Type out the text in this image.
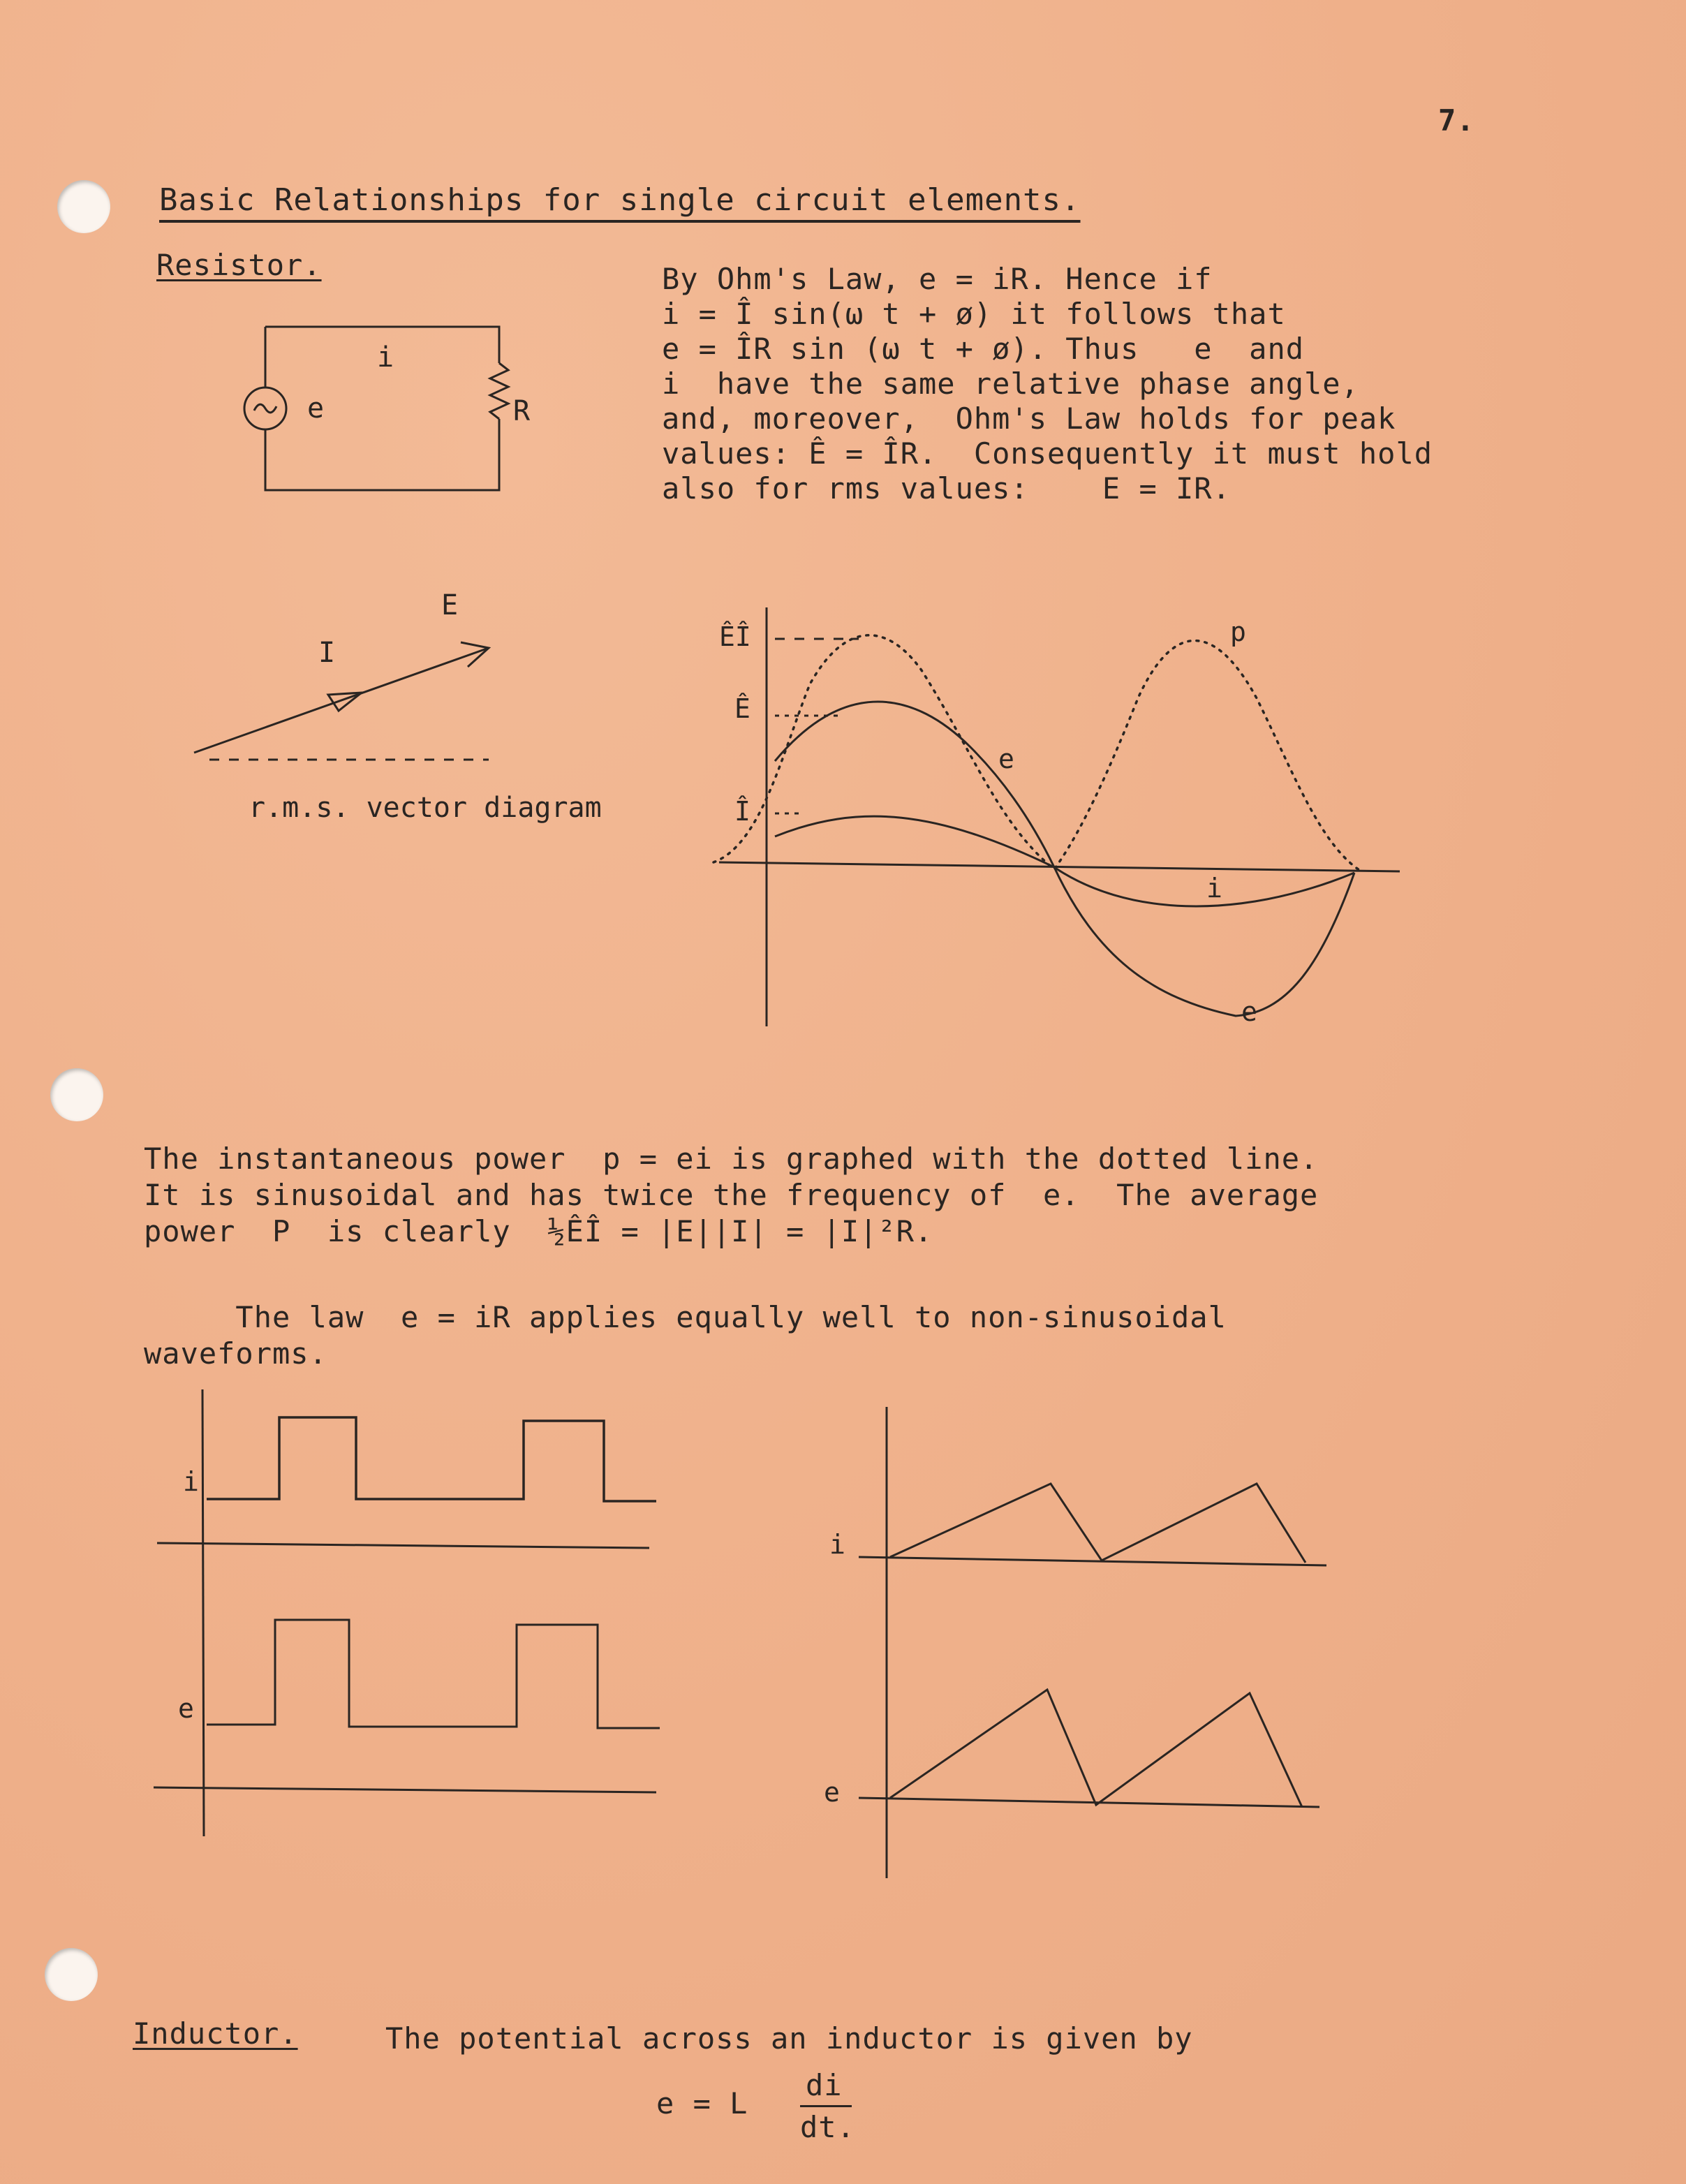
7.
Basic Relationships for single circuit elements.
Resistor.
i
e	R
By Ohm's Law, e = iR. Hence if
i = Î sin(ω t + ø) it follows that
e = ÎR sin (ω t + ø). Thus   e  and
i  have the same relative phase angle,
and, moreover,  Ohm's Law holds for peak
values: Ê = ÎR.  Consequently it must hold
also for rms values:    E = IR.
E
I
r.m.s. vector diagram
ÊÎ
Ê
Î
p
e
i
e
The instantaneous power  p = ei is graphed with the dotted line.
It is sinusoidal and has twice the frequency of  e.  The average
power  P  is clearly  ½ÊÎ = |E||I| = |I|²R.
The law  e = iR applies equally well to non-sinusoidal
waveforms.
i
e
i
e
Inductor.	The potential across an inductor is given by
e = L
di
dt.
